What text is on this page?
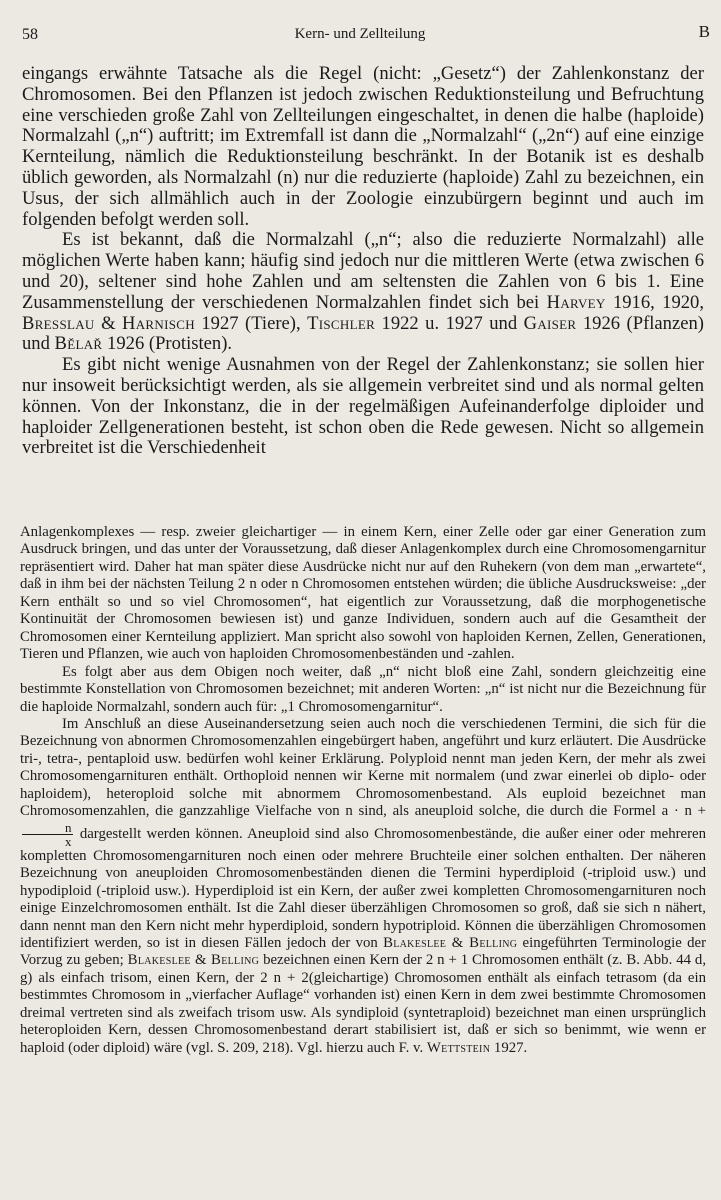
58	Kern- und Zellteilung	B

eingangs erwähnte Tatsache als die Regel (nicht: „Gesetz“) der Zahlenkonstanz der Chromosomen. Bei den Pflanzen ist jedoch zwischen Reduktionsteilung und Befruchtung eine verschieden große Zahl von Zellteilungen eingeschaltet, in denen die halbe (haploide) Normalzahl („n“) auftritt; im Extremfall ist dann die „Normalzahl“ („2n“) auf eine einzige Kernteilung, nämlich die Reduktionsteilung beschränkt. In der Botanik ist es deshalb üblich geworden, als Normalzahl (n) nur die reduzierte (haploide) Zahl zu bezeichnen, ein Usus, der sich allmählich auch in der Zoologie einzubürgern beginnt und auch im folgenden befolgt werden soll.

Es ist bekannt, daß die Normalzahl („n“; also die reduzierte Normalzahl) alle möglichen Werte haben kann; häufig sind jedoch nur die mittleren Werte (etwa zwischen 6 und 20), seltener sind hohe Zahlen und am seltensten die Zahlen von 6 bis 1. Eine Zusammenstellung der verschiedenen Normalzahlen findet sich bei Harvey 1916, 1920, Bresslau & Harnisch 1927 (Tiere), Tischler 1922 u. 1927 und Gaiser 1926 (Pflanzen) und Bělař 1926 (Protisten).

Es gibt nicht wenige Ausnahmen von der Regel der Zahlenkonstanz; sie sollen hier nur insoweit berücksichtigt werden, als sie allgemein verbreitet sind und als normal gelten können. Von der Inkonstanz, die in der regelmäßigen Aufeinanderfolge diploider und haploider Zellgenerationen besteht, ist schon oben die Rede gewesen. Nicht so allgemein verbreitet ist die Verschiedenheit

Anlagenkomplexes — resp. zweier gleichartiger — in einem Kern, einer Zelle oder gar einer Generation zum Ausdruck bringen, und das unter der Voraussetzung, daß dieser Anlagenkomplex durch eine Chromosomengarnitur repräsentiert wird. Daher hat man später diese Ausdrücke nicht nur auf den Ruhekern (von dem man „erwartete“, daß in ihm bei der nächsten Teilung 2 n oder n Chromosomen entstehen würden; die übliche Ausdrucksweise: „der Kern enthält so und so viel Chromosomen“, hat eigentlich zur Voraussetzung, daß die morphogenetische Kontinuität der Chromosomen bewiesen ist) und ganze Individuen, sondern auch auf die Gesamtheit der Chromosomen einer Kernteilung appliziert. Man spricht also sowohl von haploiden Kernen, Zellen, Generationen, Tieren und Pflanzen, wie auch von haploiden Chromosomenbeständen und -zahlen.

Es folgt aber aus dem Obigen noch weiter, daß „n“ nicht bloß eine Zahl, sondern gleichzeitig eine bestimmte Konstellation von Chromosomen bezeichnet; mit anderen Worten: „n“ ist nicht nur die Bezeichnung für die haploide Normalzahl, sondern auch für: „1 Chromosomengarnitur“.

Im Anschluß an diese Auseinandersetzung seien auch noch die verschiedenen Termini, die sich für die Bezeichnung von abnormen Chromosomenzahlen eingebürgert haben, angeführt und kurz erläutert. Die Ausdrücke tri-, tetra-, pentaploid usw. bedürfen wohl keiner Erklärung. Polyploid nennt man jeden Kern, der mehr als zwei Chromosomengarnituren enthält. Orthoploid nennen wir Kerne mit normalem (und zwar einerlei ob diplo- oder haploidem), heteroploid solche mit abnormem Chromosomenbestand. Als euploid bezeichnet man Chromosomenzahlen, die ganzzahlige Vielfache von n sind, als aneuploid solche, die durch die Formel a · n +
$\frac{n}{x}$ dargestellt werden können. Aneuploid sind also Chromosomenbestände, die außer einer oder mehreren kompletten Chromosomengarnituren noch einen oder mehrere Bruchteile einer solchen enthalten. Der näheren Bezeichnung von aneuploiden Chromosomenbeständen dienen die Termini hyperdiploid (-triploid usw.) und hypodiploid (-triploid usw.). Hyperdiploid ist ein Kern, der außer zwei kompletten Chromosomengarnituren noch einige Einzelchromosomen enthält. Ist die Zahl dieser überzähligen Chromosomen so groß, daß sie sich n nähert, dann nennt man den Kern nicht mehr hyperdiploid, sondern hypotriploid. Können die überzähligen Chromosomen identifiziert werden, so ist in diesen Fällen jedoch der von Blakeslee & Belling eingeführten Terminologie der Vorzug zu geben; Blakeslee & Belling bezeichnen einen Kern der 2 n + 1 Chromosomen enthält (z. B. Abb. 44 d, g) als einfach trisom, einen Kern, der 2 n + 2(gleichartige) Chromosomen enthält als einfach tetrasom (da ein bestimmtes Chromosom in „vierfacher Auflage“ vorhanden ist) einen Kern in dem zwei bestimmte Chromosomen dreimal vertreten sind als zweifach trisom usw. Als syndiploid (syntetraploid) bezeichnet man einen ursprünglich heteroploiden Kern, dessen Chromosomenbestand derart stabilisiert ist, daß er sich so benimmt, wie wenn er haploid (oder diploid) wäre (vgl. S. 209, 218). Vgl. hierzu auch F. v. Wettstein 1927.
